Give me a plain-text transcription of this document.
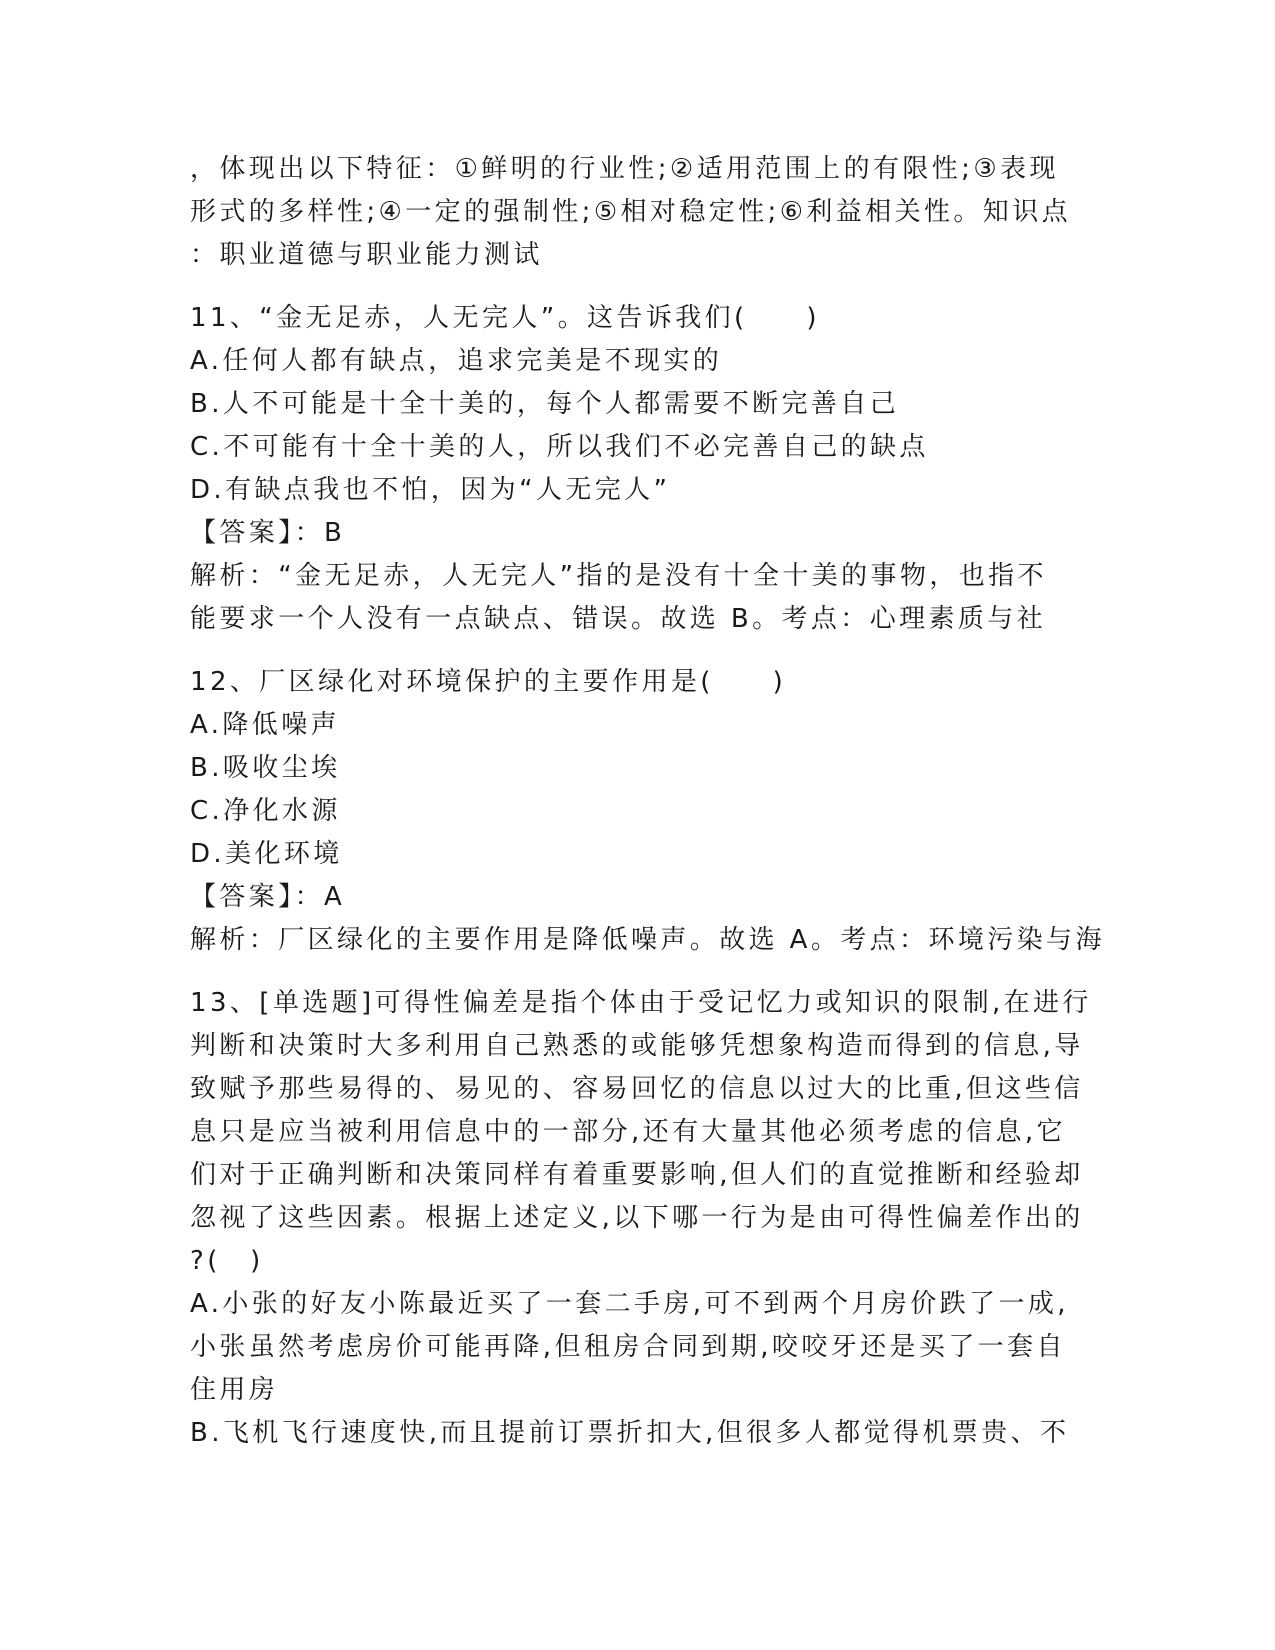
，体现出以下特征：①鲜明的行业性;②适用范围上的有限性;③表现
形式的多样性;④一定的强制性;⑤相对稳定性;⑥利益相关性。知识点
：职业道德与职业能力测试
11、“金无足赤，人无完人”。这告诉我们(　　)
A.任何人都有缺点，追求完美是不现实的
B.人不可能是十全十美的，每个人都需要不断完善自己
C.不可能有十全十美的人，所以我们不必完善自己的缺点
D.有缺点我也不怕，因为“人无完人”
【答案】：B
解析：“金无足赤，人无完人”指的是没有十全十美的事物，也指不
能要求一个人没有一点缺点、错误。故选 B。考点：心理素质与社
12、厂区绿化对环境保护的主要作用是(　　)
A.降低噪声
B.吸收尘埃
C.净化水源
D.美化环境
【答案】：A
解析：厂区绿化的主要作用是降低噪声。故选 A。考点：环境污染与海
13、[单选题]可得性偏差是指个体由于受记忆力或知识的限制,在进行
判断和决策时大多利用自己熟悉的或能够凭想象构造而得到的信息,导
致赋予那些易得的、易见的、容易回忆的信息以过大的比重,但这些信
息只是应当被利用信息中的一部分,还有大量其他必须考虑的信息,它
们对于正确判断和决策同样有着重要影响,但人们的直觉推断和经验却
忽视了这些因素。根据上述定义,以下哪一行为是由可得性偏差作出的
?(　)
A.小张的好友小陈最近买了一套二手房,可不到两个月房价跌了一成,
小张虽然考虑房价可能再降,但租房合同到期,咬咬牙还是买了一套自
住用房
B.飞机飞行速度快,而且提前订票折扣大,但很多人都觉得机票贵、不
